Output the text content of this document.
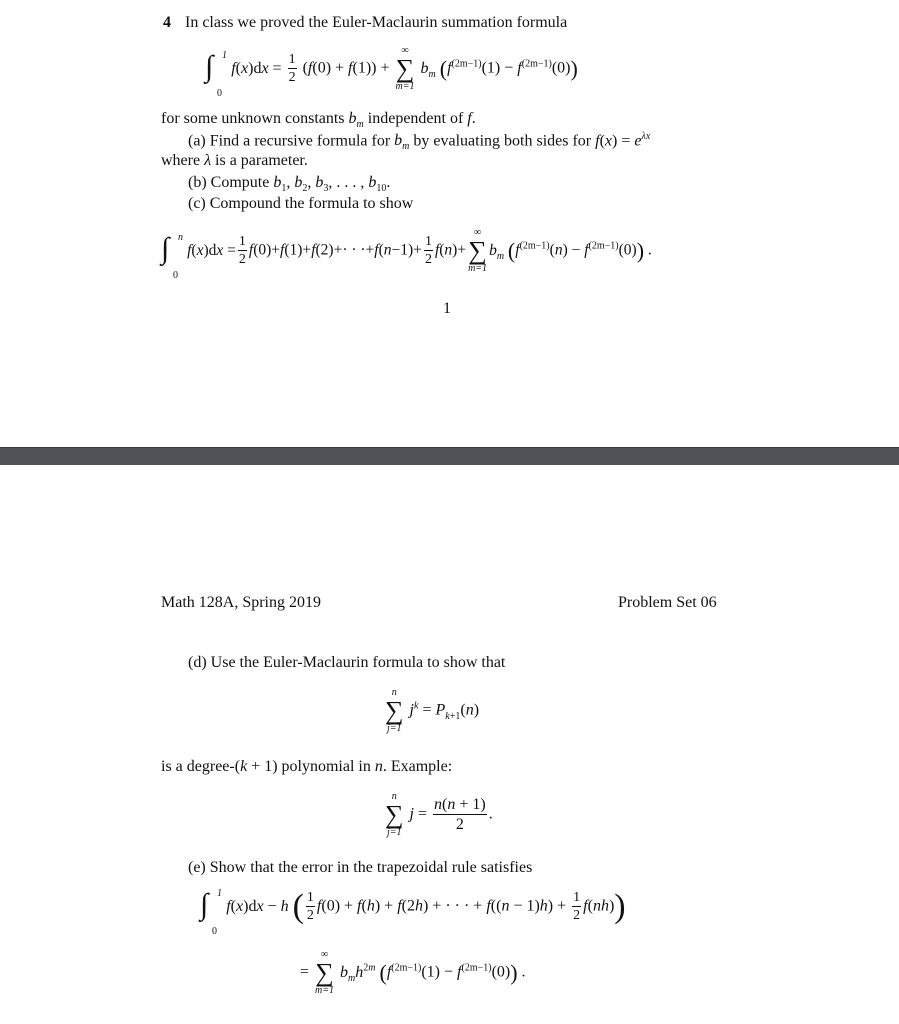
4 In class we proved the Euler-Maclaurin summation formula
∫ 1
0
$f(x)dx = \frac{1}{2} (f(0) + f(1))$ +
∞
∑
m=1
$b_m$ $(f^{(2m-1)}(1) - f^{(2m-1)}(0))$
for some unknown constants $b_m$ independent of f.
(a) Find a recursive formula for $b_m$ by evaluating both sides for $f(x) = e^{\lambda x}$
where λ is a parameter.
(b) Compute $b_1$, $b_2$, $b_3$, . . . , $b_{10}$.
(c) Compound the formula to show
∫ n
0
$f(x)dx = \frac{1}{2} f(0)+f(1)+f(2)+\cdot \cdot \cdot+f(n-1)+ \frac{1}{2} f(n)+$
∞
∑
m=1
$b_m$ $(f^{(2m-1)}(n) - f^{(2m-1)}(0))$ .
1
Math 128A, Spring 2019	Problem Set 06
(d) Use the Euler-Maclaurin formula to show that
n
∑
j=1
$j^k = P_{k+1}(n)$
is a degree-(k + 1) polynomial in n. Example:
n
∑
j=1
$j = \frac{n(n + 1)}{2}$ .
(e) Show that the error in the trapezoidal rule satisfies
∫ 1
0
f(x)dx − h ( $\frac{1}{2} f(0) + f(h) + f(2h)$ + · · · + $f((n - 1)h) + \frac{1}{2} f(nh)$)
=
∞
∑
m=1
$b_mh^{2m}$ $(f^{(2m-1)}(1) - f^{(2m-1)}(0))$ .
